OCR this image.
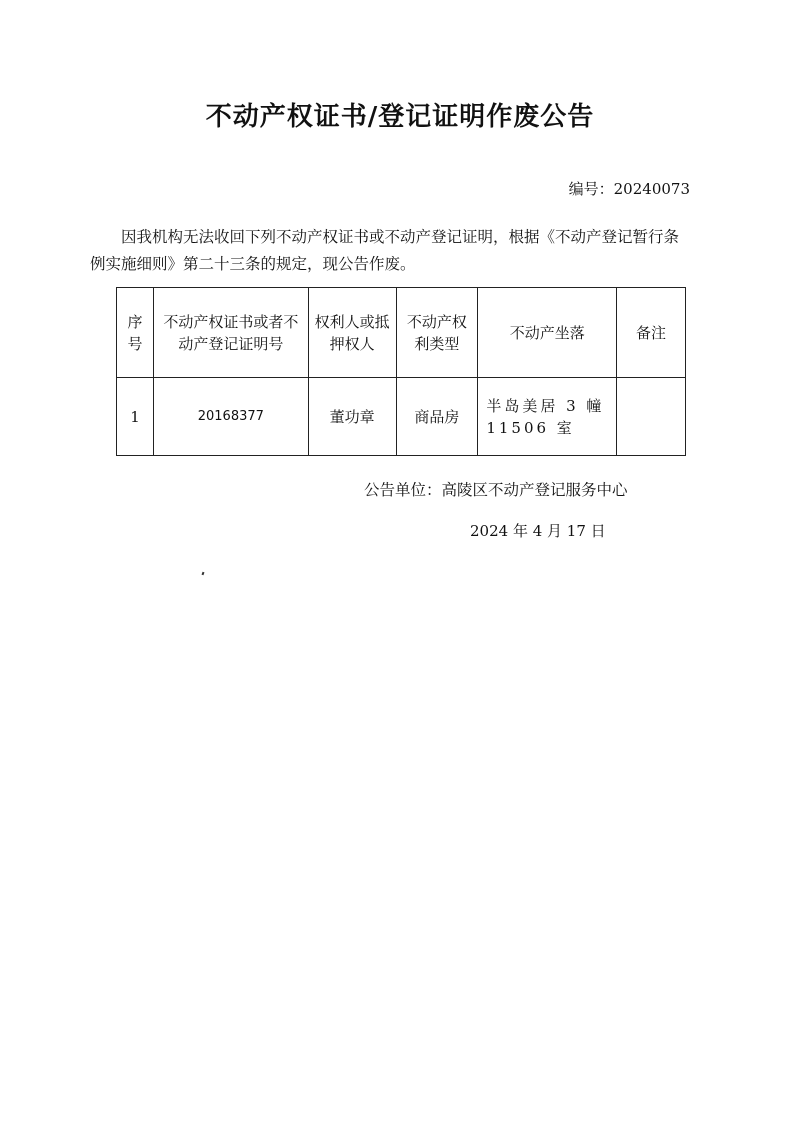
不动产权证书/登记证明作废公告
编号：20240073
因我机构无法收回下列不动产权证书或不动产登记证明，根据《不动产登记暂行条例实施细则》第二十三条的规定，现公告作废。
序号	不动产权证书或者不动产登记证明号	权利人或抵押权人	不动产权利类型	不动产坐落	备注
1	20168377	董功章	商品房	半岛美居 3 幢 11506 室	
公告单位：高陵区不动产登记服务中心
2024 年 4 月 17 日
